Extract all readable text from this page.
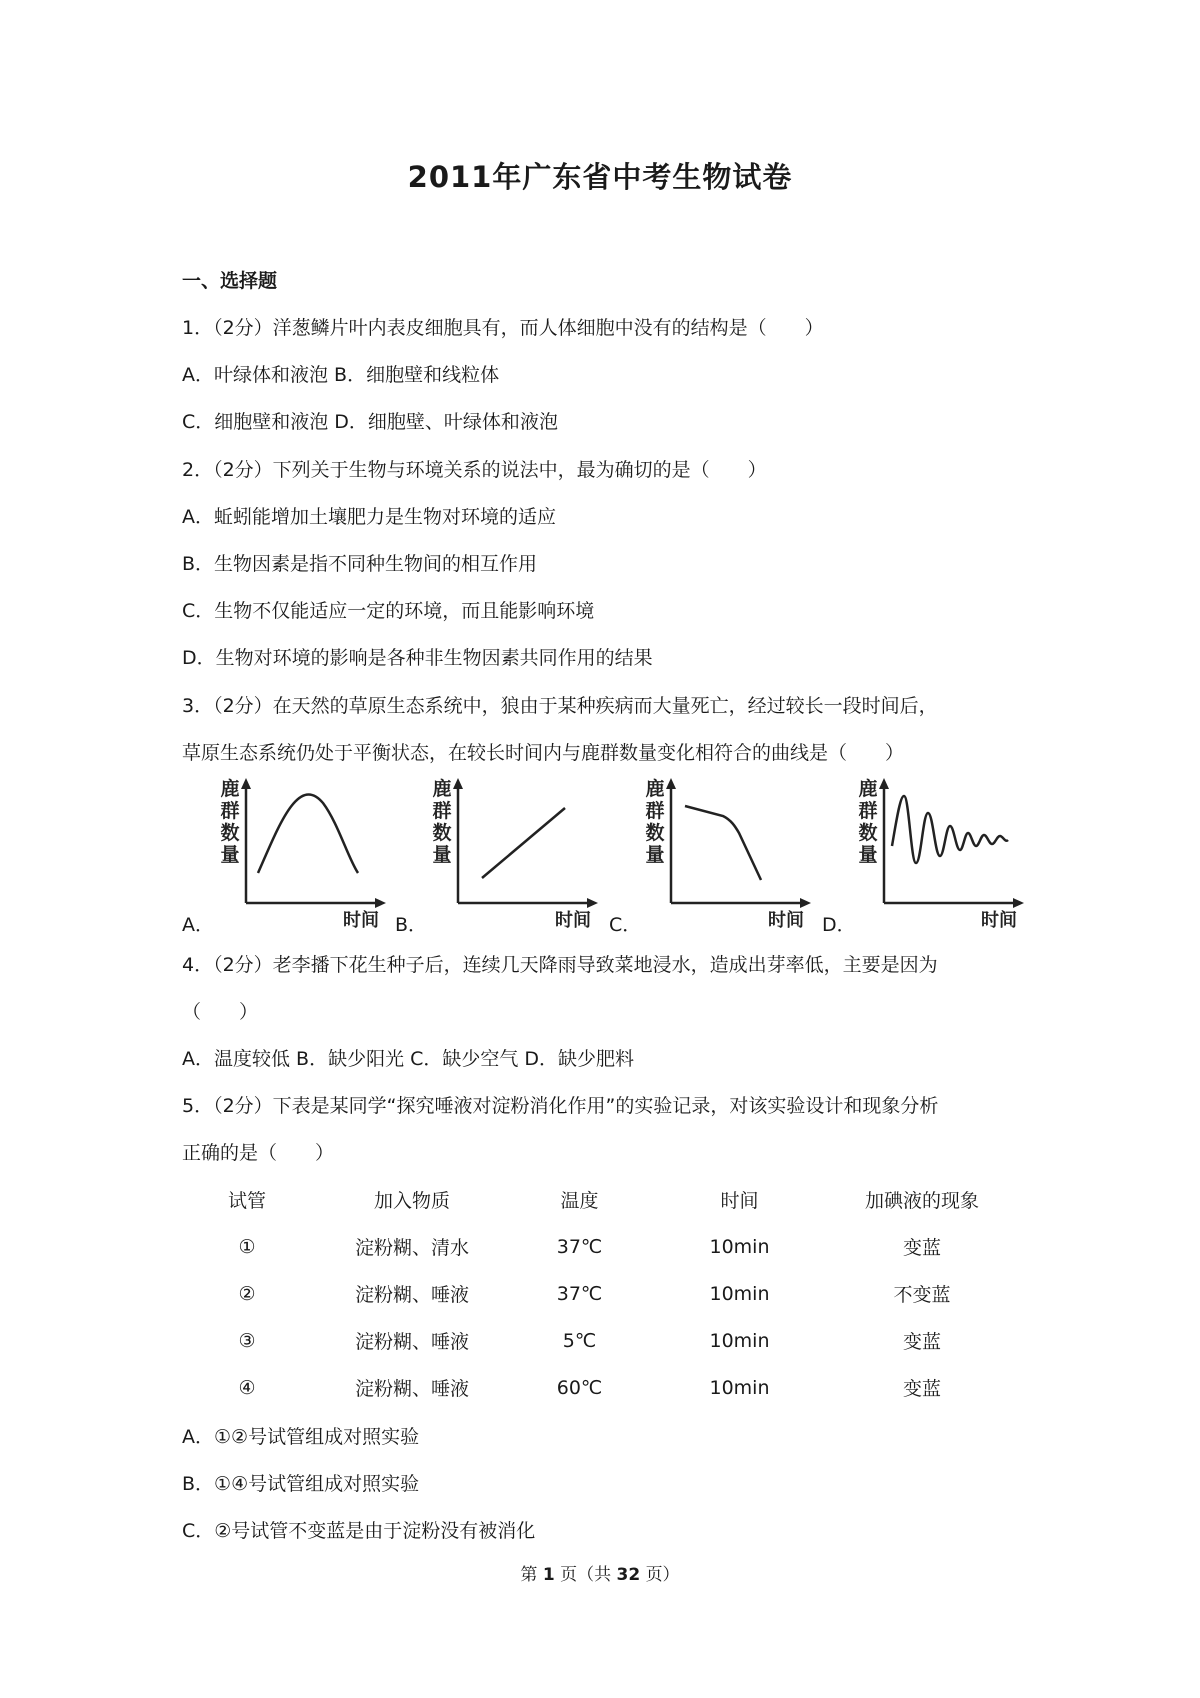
2011年广东省中考生物试卷
一、选择题
1．（2分）洋葱鳞片叶内表皮细胞具有，而人体细胞中没有的结构是（　　）
A．叶绿体和液泡 B．细胞壁和线粒体
C．细胞壁和液泡 D．细胞壁、叶绿体和液泡
2．（2分）下列关于生物与环境关系的说法中，最为确切的是（　　）
A．蚯蚓能增加土壤肥力是生物对环境的适应
B．生物因素是指不同种生物间的相互作用
C．生物不仅能适应一定的环境，而且能影响环境
D．生物对环境的影响是各种非生物因素共同作用的结果
3．（2分）在天然的草原生态系统中，狼由于某种疾病而大量死亡，经过较长一段时间后，
草原生态系统仍处于平衡状态，在较长时间内与鹿群数量变化相符合的曲线是（　　）
鹿
群
数
量
时间
A．
鹿
群
数
量
时间
B．
鹿
群
数
量
时间
C．
鹿
群
数
量
时间
D．
4．（2分）老李播下花生种子后，连续几天降雨导致菜地浸水，造成出芽率低，主要是因为
（　　）
A．温度较低 B．缺少阳光 C．缺少空气 D．缺少肥料
5．（2分）下表是某同学“探究唾液对淀粉消化作用”的实验记录，对该实验设计和现象分析
正确的是（　　）
试管	加入物质	温度	时间	加碘液的现象
①	淀粉糊、清水	37℃	10min	变蓝
②	淀粉糊、唾液	37℃	10min	不变蓝
③	淀粉糊、唾液	5℃	10min	变蓝
④	淀粉糊、唾液	60℃	10min	变蓝
A．①②号试管组成对照实验
B．①④号试管组成对照实验
C．②号试管不变蓝是由于淀粉没有被消化
第 1 页（共 32 页）
